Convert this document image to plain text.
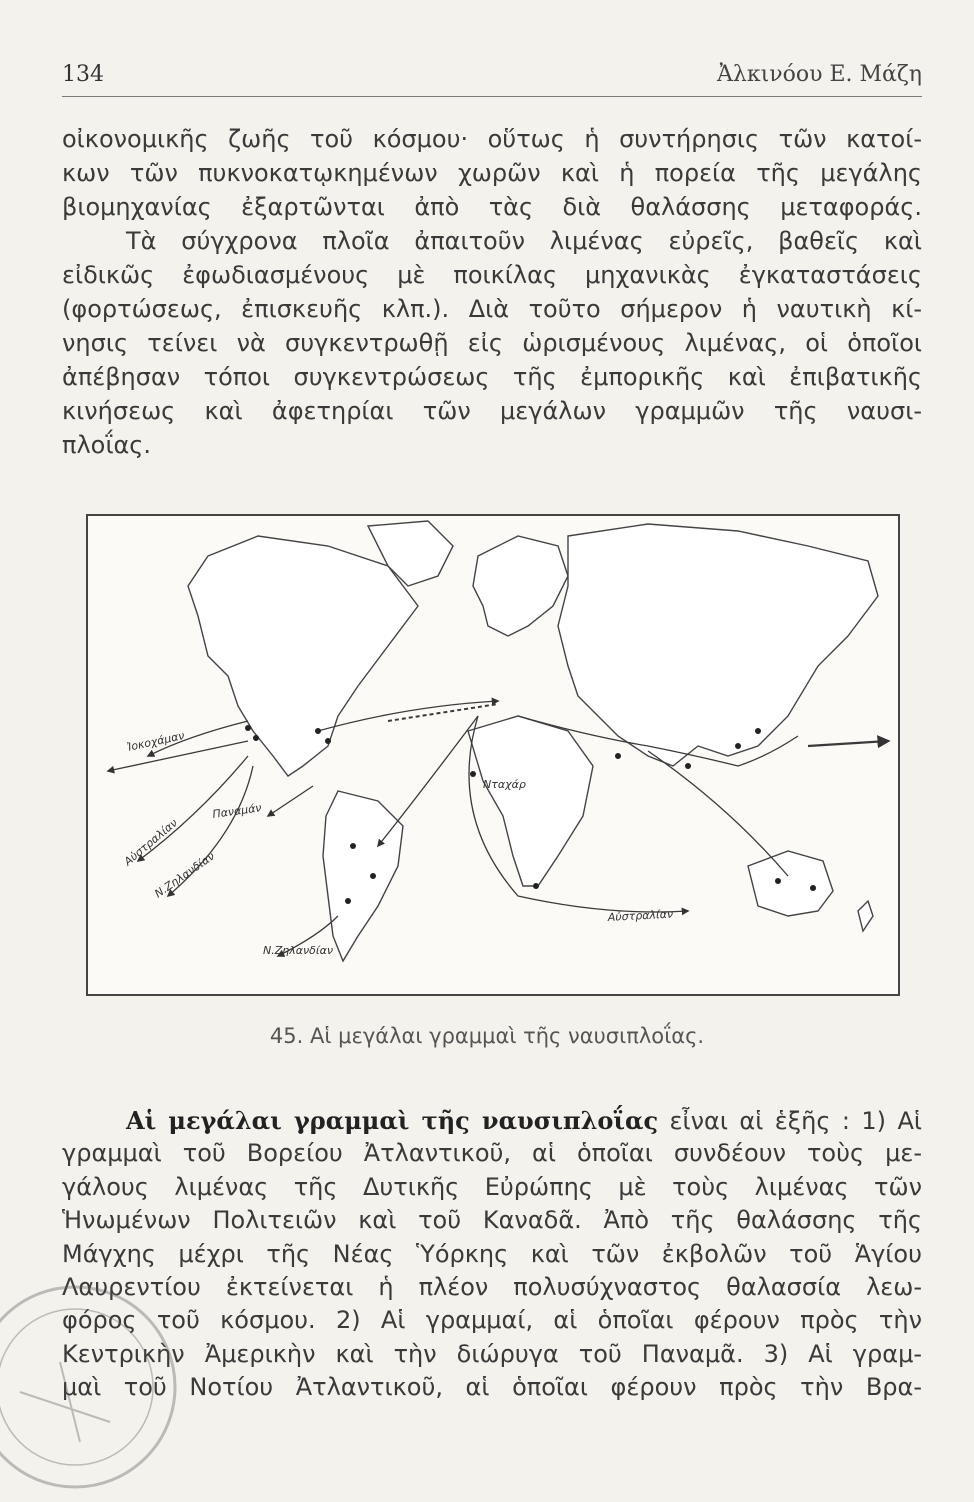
134	Ἀλκινόου Ε. Μάζη
οἰκονομικῆς ζωῆς τοῦ κόσμου· οὕτως ἡ συντήρησις τῶν κατοί-
κων τῶν πυκνοκατῳκημένων χωρῶν καὶ ἡ πορεία τῆς μεγάλης
βιομηχανίας ἐξαρτῶνται ἀπὸ τὰς διὰ θαλάσσης μεταφοράς.
Τὰ σύγχρονα πλοῖα ἀπαιτοῦν λιμένας εὐρεῖς, βαθεῖς καὶ
εἰδικῶς ἐφωδιασμένους μὲ ποικίλας μηχανικὰς ἐγκαταστάσεις
(φορτώσεως, ἐπισκευῆς κλπ.). Διὰ τοῦτο σήμερον ἡ ναυτικὴ κί-
νησις τείνει νὰ συγκεντρωθῇ εἰς ὡρισμένους λιμένας, οἱ ὁποῖοι
ἀπέβησαν τόποι συγκεντρώσεως τῆς ἐμπορικῆς καὶ ἐπιβατικῆς
κινήσεως καὶ ἀφετηρίαι τῶν μεγάλων γραμμῶν τῆς ναυσι-
πλοΐας.
Ἰοκοχάμαν
Αὐστραλίαν
Ν.Ζηλανδίαν
Παναμάν
Ν.Ζηλανδίαν
Αὐστραλίαν
Νταχάρ
45. Αἱ μεγάλαι γραμμαὶ τῆς ναυσιπλοΐας.
Αἱ μεγάλαι γραμμαὶ τῆς ναυσιπλοΐας εἶναι αἱ ἑξῆς : 1) Αἱ
γραμμαὶ τοῦ Βορείου Ἀτλαντικοῦ, αἱ ὁποῖαι συνδέουν τοὺς με-
γάλους λιμένας τῆς Δυτικῆς Εὐρώπης μὲ τοὺς λιμένας τῶν
Ἡνωμένων Πολιτειῶν καὶ τοῦ Καναδᾶ. Ἀπὸ τῆς θαλάσσης τῆς
Μάγχης μέχρι τῆς Νέας Ὑόρκης καὶ τῶν ἐκβολῶν τοῦ Ἁγίου
Λαυρεντίου ἐκτείνεται ἡ πλέον πολυσύχναστος θαλασσία λεω-
φόρος τοῦ κόσμου. 2) Αἱ γραμμαί, αἱ ὁποῖαι φέρουν πρὸς τὴν
Κεντρικὴν Ἀμερικὴν καὶ τὴν διώρυγα τοῦ Παναμᾶ. 3) Αἱ γραμ-
μαὶ τοῦ Νοτίου Ἀτλαντικοῦ, αἱ ὁποῖαι φέρουν πρὸς τὴν Βρα-
